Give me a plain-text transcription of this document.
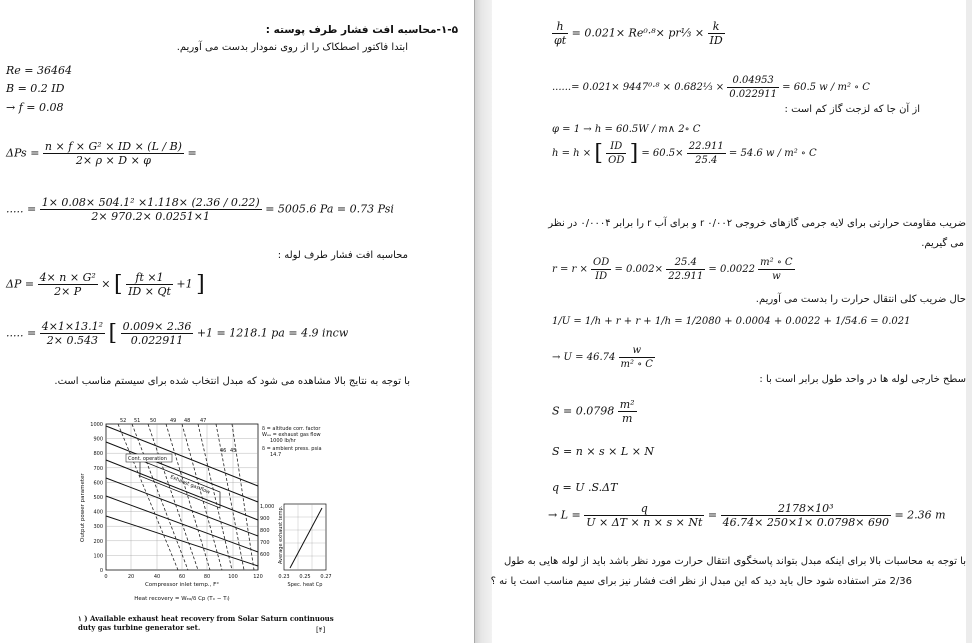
۱-۵-محاسبه افت فشار طرف پوسته :
ابتدا فاکتور اصطکاک را از روی نمودار بدست می آوریم.
Re = 36464
B = 0.2 ID
→ f = 0.08
$\Delta Ps = \frac{\text{n × f × G² × ID × (L / B)}}{2\times \rho \times D \times \varphi}$ =
..... = $\frac{\text{1× 0.08× 504.1² ×1.118× (2.36 / 0.22)}}{2\times 970.2\times 0.0251\times 1} = 5005.6$ Pa = 0.73 Psi
محاسبه افت فشار طرف لوله :
$\Delta P = \frac{\text{4× n × G²}}{2\times P}$ × [ $\frac{ft \times 1}{ID \times Qt} +1$ ]
..... = $\frac{\text{4×1×13.1²}}{2\times 0.543}$ [ $\frac{0.009\times 2.36}{0.022911} +1 = 1218.1$ pa = 4.9 incw
با توجه به نتایج بالا مشاهده می شود که مبدل انتخاب شده برای سیستم مناسب است.
1000
900
800
700
600
500
400
300
200
100
0
Output power parameter
0	20	40	60	80	100	120
Compressor inlet temp., F°
52 51 50	49 48 47
δ = altitude corr. factor
Wₑₐ = exhaust gas flow
1000 lb/hr
δ = ambient press. psia
14.7
46 45
Cont. operation
Exhaust gas flow
1,000
900
800
700
600 Average exhaust temp.
0.23 0.25 0.27
Spec. heat Cp
Heat recovery = Wₑₐ/δ Cp (Tₓ − Tᵢ)
۱ ) Available exhaust heat recovery from Solar Saturn continuous duty gas turbine generator set.	[۴]
$\frac{h}{\varphi t} = 0.021\times Re^0\cdot^8\times$ pr⅓ × $\frac{k}{ID}$
......= 0.021× 9447⁰·⁸ × 0.682⅓ × $\frac{0.04953}{0.022911} = 60.5$ w / m² ∘ C
از آن جا که لزجت گاز کم است :
φ = 1 → h = 60.5W / m∧ 2∘ C
h = h × [ $\frac{ID}{OD}$ ] = $60.5\times \frac{22.911}{25.4} = 54.6$ w / m² ∘ C
ضریب مقاومت حرارتی برای لایه جرمی گازهای خروجی r ۰/۰۰۲ و برای آب r را برابر ۰/۰۰۰۴ در نظر
می گیریم.
$r = r \times \frac{OD}{ID} = 0.002\times \frac{25.4}{22.911} = 0.0022 \frac{\text{m² ∘ C}}{w}$
حال ضریب کلی انتقال حرارت را بدست می آوریم.
1/U = 1/h + r + r + 1/h = 1/2080 + 0.0004 + 0.0022 + 1/54.6 = 0.021
→ $U = 46.74 \frac{w}{\text{m² ∘ C}}$
سطح خارجی لوله ها در واحد طول برابر است با :
$S = 0.0798 \frac{\text{m²}}{m}$
S = n × s × L × N
q = U .S.ΔT
→ $L = \frac{q}{U \times \Delta T \times n \times s \times Nt} = \frac{\text{2178×10³}}{46.74\times 250\times 1\times 0.0798\times 690} = 2.36$ m
با توجه به محاسبات بالا برای اینکه مبدل بتواند پاسخگوی انتقال حرارت مورد نظر باشد باید از لوله هایی به طول
2/36 متر استفاده شود حال باید دید که این مبدل از نظر افت فشار نیز برای سیم مناسب است یا نه ؟
